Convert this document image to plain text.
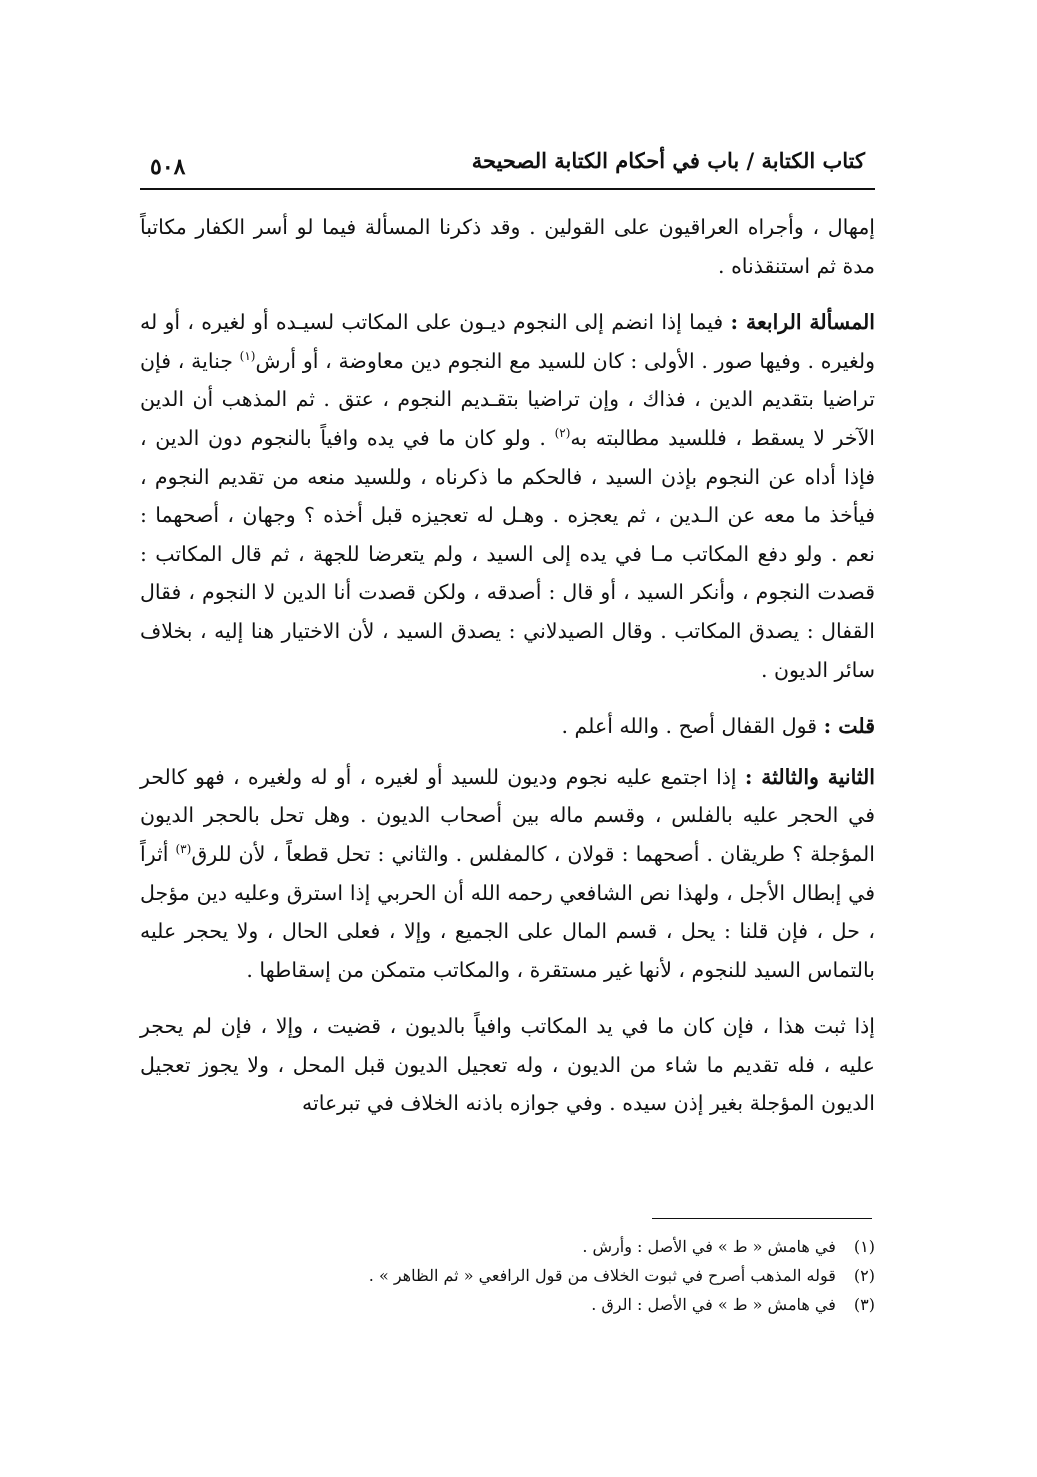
كتاب الكتابة / باب في أحكام الكتابة الصحيحة
٥٠٨

إمهال ، وأجراه العراقيون على القولين . وقد ذكرنا المسألة فيما لو أسر الكفار مكاتباً مدة ثم استنقذناه .

المسألة الرابعة : فيما إذا انضم إلى النجوم ديـون على المكاتب لسيـده أو لغيره ، أو له ولغيره . وفيها صور . الأولى : كان للسيد مع النجوم دين معاوضة ، أو أرش$^{(١)}$ جناية ، فإن تراضيا بتقديم الدين ، فذاك ، وإن تراضيا بتقـديم النجوم ، عتق . ثم المذهب أن الدين الآخر لا يسقط ، فللسيد مطالبته به$^{(٢)}$ . ولو كان ما في يده وافياً بالنجوم دون الدين ، فإذا أداه عن النجوم بإذن السيد ، فالحكم ما ذكرناه ، وللسيد منعه من تقديم النجوم ، فيأخذ ما معه عن الـدين ، ثم يعجزه . وهـل له تعجيزه قبل أخذه ؟ وجهان ، أصحهما : نعم . ولو دفع المكاتب مـا في يده إلى السيد ، ولم يتعرضا للجهة ، ثم قال المكاتب : قصدت النجوم ، وأنكر السيد ، أو قال : أصدقه ، ولكن قصدت أنا الدين لا النجوم ، فقال القفال : يصدق المكاتب . وقال الصيدلاني : يصدق السيد ، لأن الاختيار هنا إليه ، بخلاف سائر الديون .

قلت : قول القفال أصح . والله أعلم .

الثانية والثالثة : إذا اجتمع عليه نجوم وديون للسيد أو لغيره ، أو له ولغيره ، فهو كالحر في الحجر عليه بالفلس ، وقسم ماله بين أصحاب الديون . وهل تحل بالحجر الديون المؤجلة ؟ طريقان . أصحهما : قولان ، كالمفلس . والثاني : تحل قطعاً ، لأن للرق$^{(٣)}$ أثراً في إبطال الأجل ، ولهذا نص الشافعي رحمه الله أن الحربي إذا استرق وعليه دين مؤجل ، حل ، فإن قلنا : يحل ، قسم المال على الجميع ، وإلا ، فعلى الحال ، ولا يحجر عليه بالتماس السيد للنجوم ، لأنها غير مستقرة ، والمكاتب متمكن من إسقاطها .

إذا ثبت هذا ، فإن كان ما في يد المكاتب وافياً بالديون ، قضيت ، وإلا ، فإن لم يحجر عليه ، فله تقديم ما شاء من الديون ، وله تعجيل الديون قبل المحل ، ولا يجوز تعجيل الديون المؤجلة بغير إذن سيده . وفي جوازه باذنه الخلاف في تبرعاته

(١) في هامش « ط » في الأصل : وأرش .
(٢) قوله المذهب أصرح في ثبوت الخلاف من قول الرافعي « ثم الظاهر » .
(٣) في هامش « ط » في الأصل : الرق .
